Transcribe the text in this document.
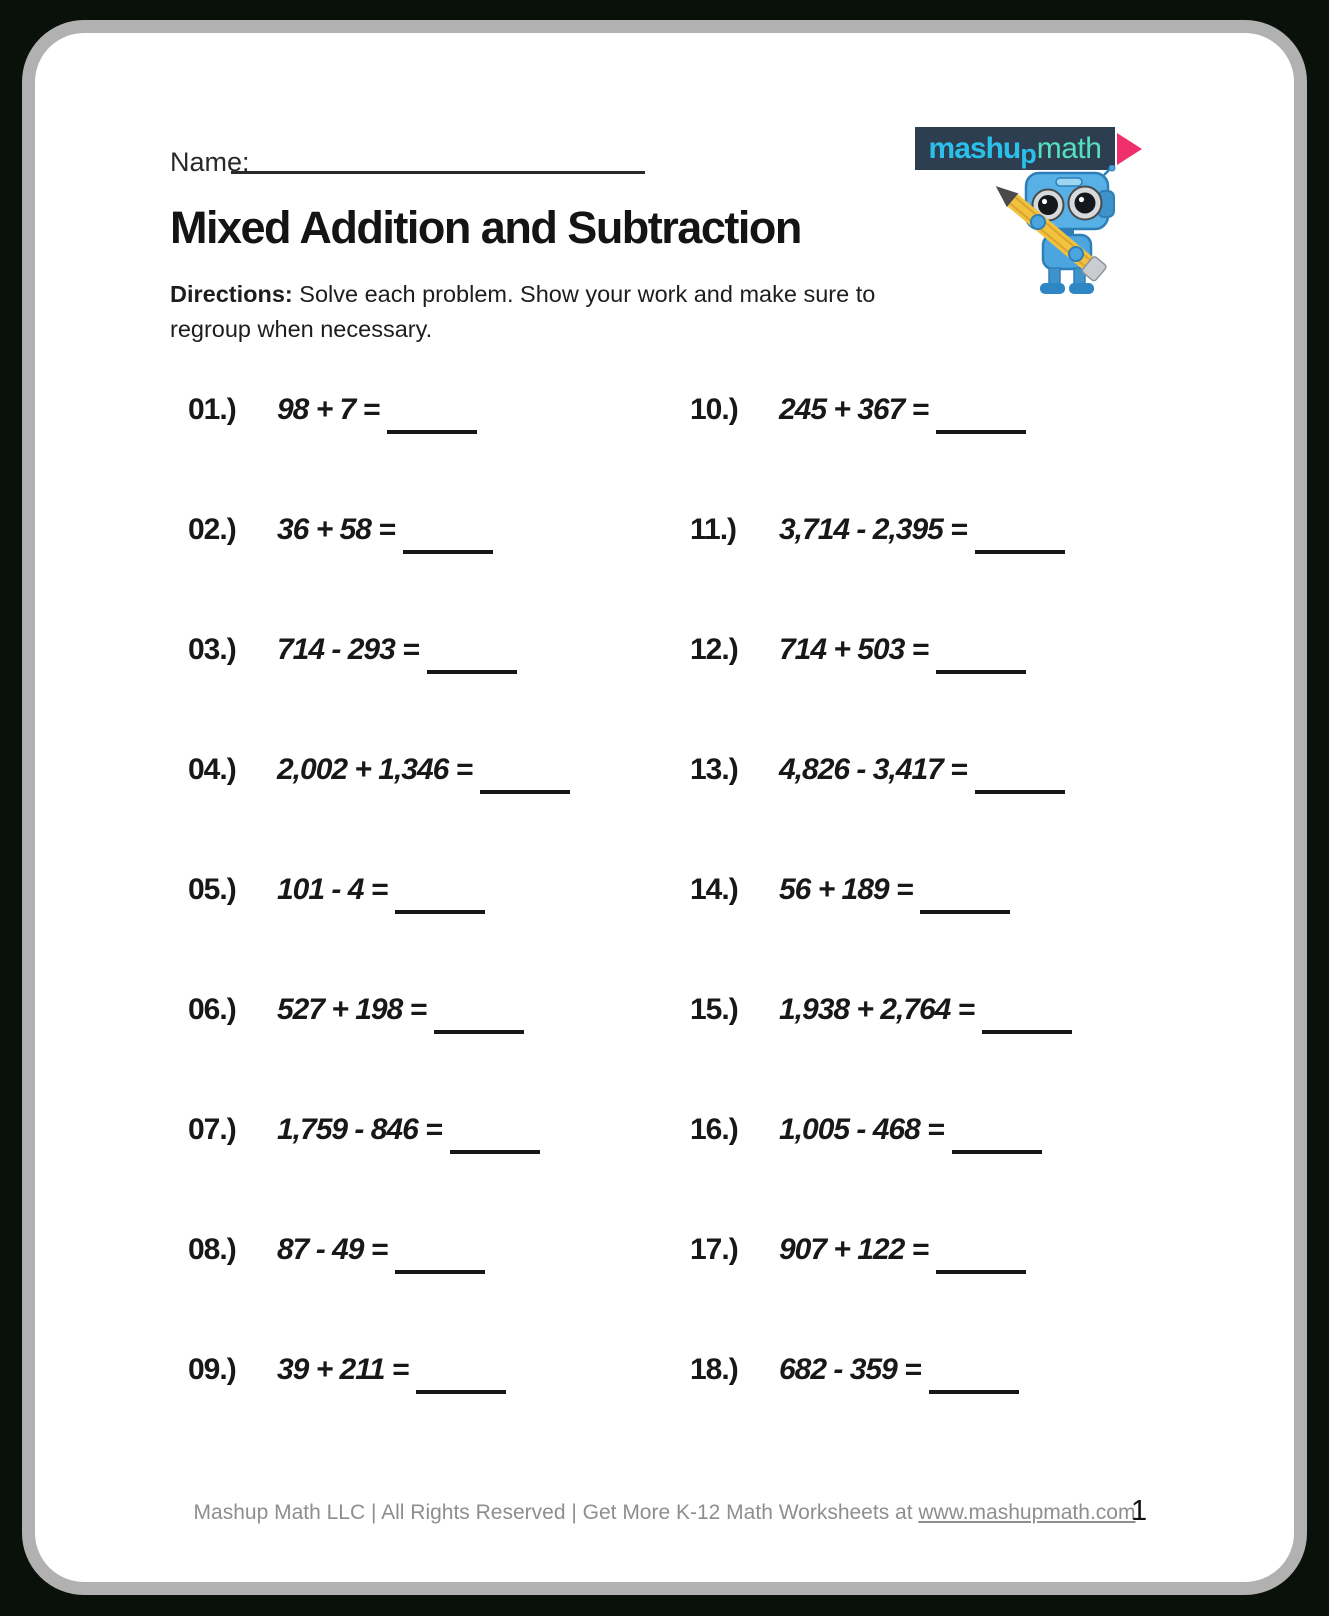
Name:
Mixed Addition and Subtraction
Directions: Solve each problem. Show your work and make sure to regroup when necessary.
mashu p math
01.)	98 + 7 =
02.)	36 + 58 =
03.)	714 - 293 =
04.)	2,002 + 1,346 =
05.)	101 - 4 =
06.)	527 + 198 =
07.)	1,759 - 846 =
08.)	87 - 49 =
09.)	39 + 211 =
10.)	245 + 367 =
11.)	3,714 - 2,395 =
12.)	714 + 503 =
13.)	4,826 - 3,417 =
14.)	56 + 189 =
15.)	1,938 + 2,764 =
16.)	1,005 - 468 =
17.)	907 + 122 =
18.)	682 - 359 =
Mashup Math LLC | All Rights Reserved | Get More K-12 Math Worksheets at www.mashupmath.com
1
